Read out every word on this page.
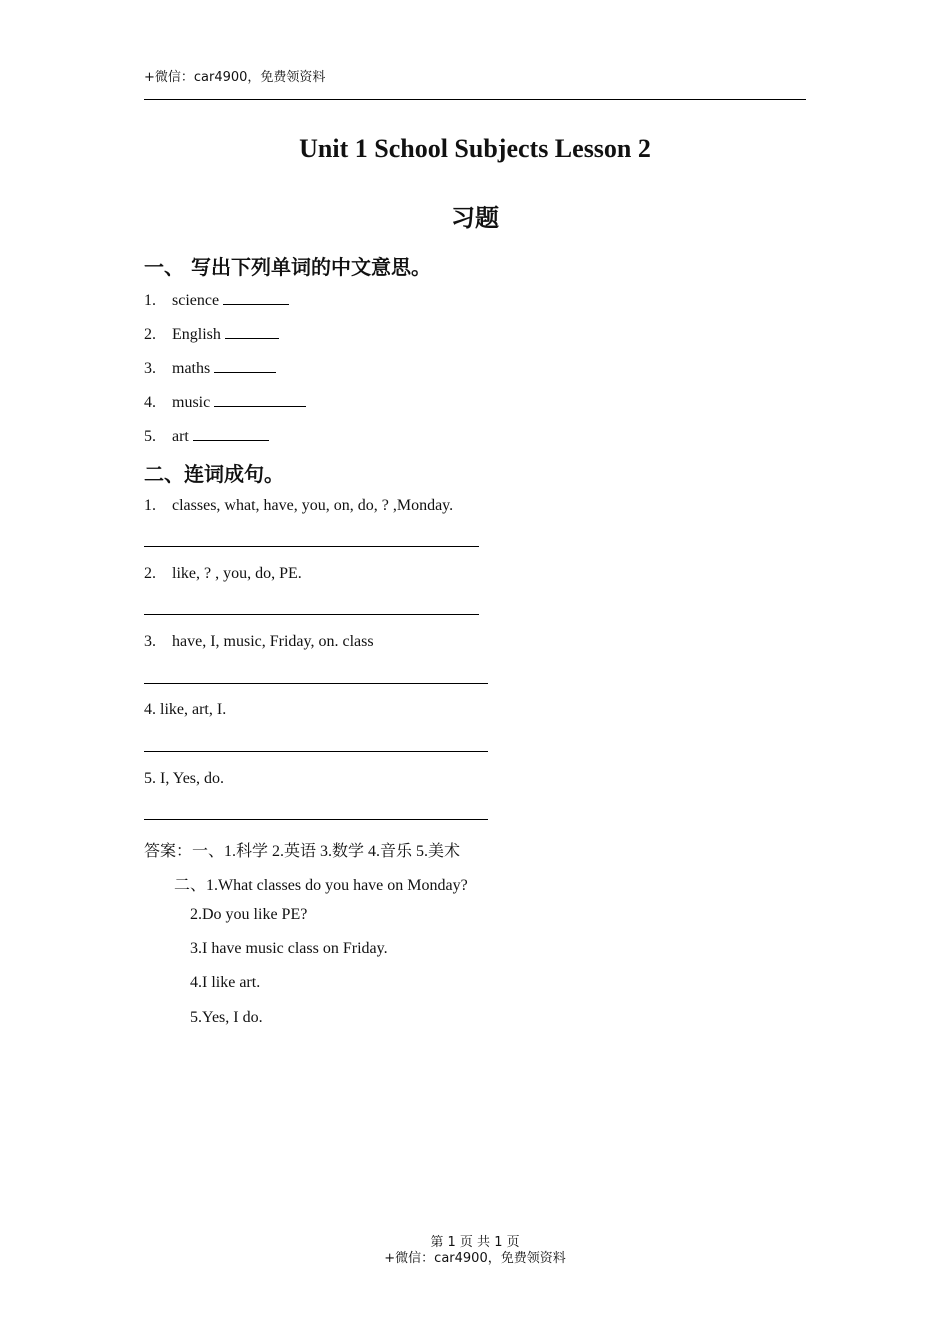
+微信：car4900，免费领资料
Unit 1 School Subjects Lesson 2
习题
一、 写出下列单词的中文意思。
1. science
2. English
3. maths
4. music
5. art
二、连词成句。
1. classes, what, have, you, on, do, ? ,Monday.
2. like, ? , you, do, PE.
3. have, I, music, Friday, on. class
4. like, art, I.
5. I, Yes, do.
答案：一、1.科学 2.英语 3.数学 4.音乐 5.美术
二、1.What classes do you have on Monday?
2.Do you like PE?
3.I have music class on Friday.
4.I like art.
5.Yes, I do.
第 1 页 共 1 页
+微信：car4900，免费领资料
